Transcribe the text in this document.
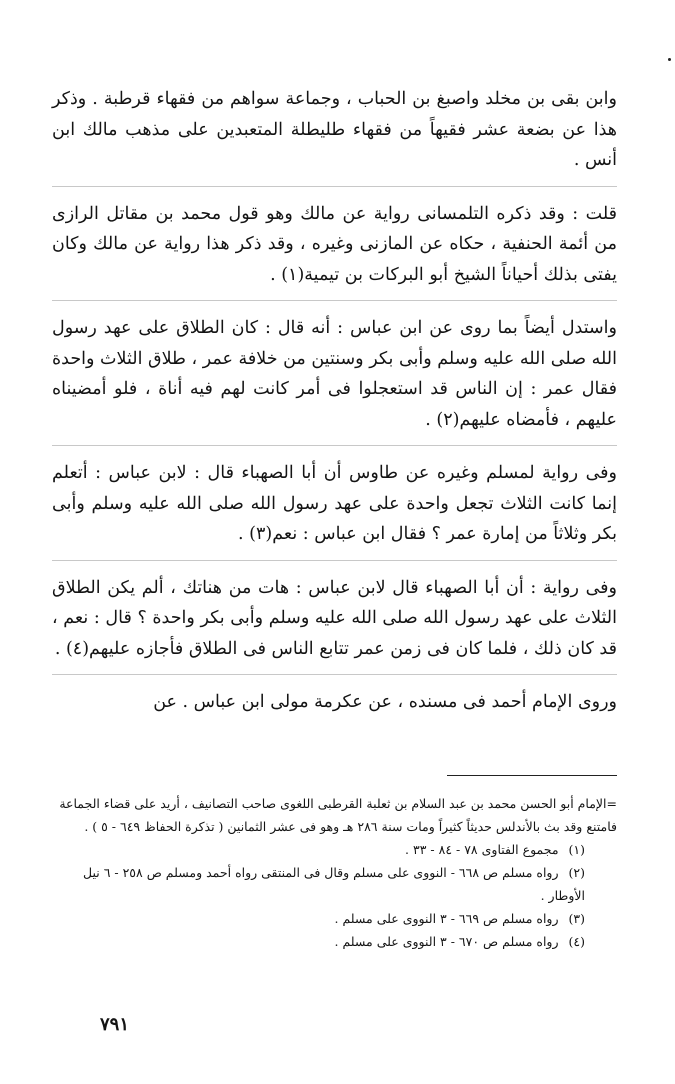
وابن بقى بن مخلد واصبغ بن الحباب ، وجماعة سواهم من فقهاء قرطبة . وذكر هذا عن بضعة عشر فقيهاً من فقهاء طليطلة المتعبدين على مذهب مالك ابن أنس .

قلت : وقد ذكره التلمسانى رواية عن مالك وهو قول محمد بن مقاتل الرازى من أئمة الحنفية ، حكاه عن المازنى وغيره ، وقد ذكر هذا رواية عن مالك وكان يفتى بذلك أحياناً الشيخ أبو البركات بن تيمية(١) .

واستدل أيضاً بما روى عن ابن عباس : أنه قال : كان الطلاق على عهد رسول الله صلى الله عليه وسلم وأبى بكر وسنتين من خلافة عمر ، طلاق الثلاث واحدة فقال عمر : إن الناس قد استعجلوا فى أمر كانت لهم فيه أناة ، فلو أمضيناه عليهم ، فأمضاه عليهم(٢) .

وفى رواية لمسلم وغيره عن طاوس أن أبا الصهباء قال : لابن عباس : أتعلم إنما كانت الثلاث تجعل واحدة على عهد رسول الله صلى الله عليه وسلم وأبى بكر وثلاثاً من إمارة عمر ؟ فقال ابن عباس : نعم(٣) .

وفى رواية : أن أبا الصهباء قال لابن عباس : هات من هناتك ، ألم يكن الطلاق الثلاث على عهد رسول الله صلى الله عليه وسلم وأبى بكر واحدة ؟ قال : نعم ، قد كان ذلك ، فلما كان فى زمن عمر تتابع الناس فى الطلاق فأجازه عليهم(٤) .

وروى الإمام أحمد فى مسنده ، عن عكرمة مولى ابن عباس . عن

=الإمام أبو الحسن محمد بن عبد السلام بن ثعلبة القرطبى اللغوى صاحب التصانيف ، أريد على قضاء الجماعة فامتنع وقد بث بالأندلس حديثاً كثيراً ومات سنة ٢٨٦ هـ وهو فى عشر الثمانين ( تذكرة الحفاظ ٦٤٩ - ٥ ) .

(١) مجموع الفتاوى ٧٨ - ٨٤ - ٣٣ .

(٢) رواه مسلم ص ٦٦٨ - النووى على مسلم وقال فى المنتقى رواه أحمد ومسلم ص ٢٥٨ - ٦ نيل الأوطار .

(٣) رواه مسلم ص ٦٦٩ - ٣ النووى على مسلم .

(٤) رواه مسلم ص ٦٧٠ - ٣ النووى على مسلم .

٧٩١
